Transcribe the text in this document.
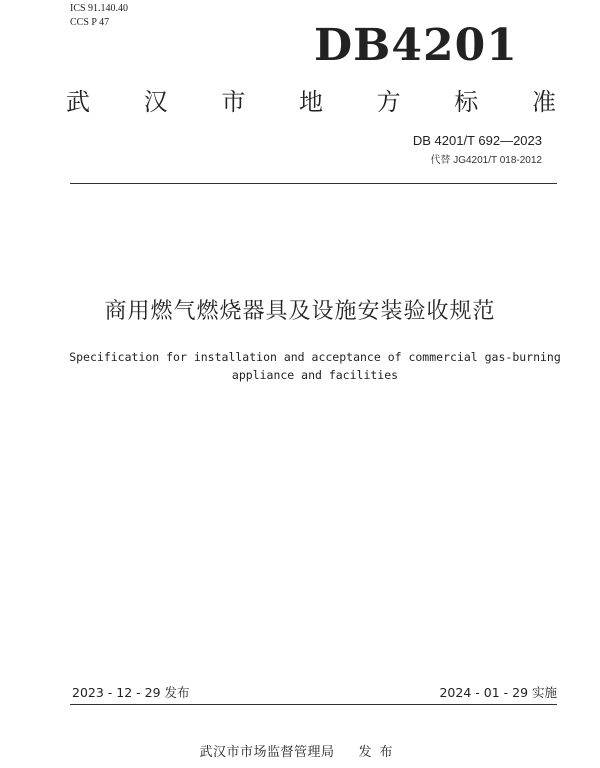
ICS 91.140.40
CCS P 47	DB4201
武 汉 市 地 方 标 准
DB 4201/T 692—2023
代替 JG4201/T 018-2012
商用燃气燃烧器具及设施安装验收规范
Specification for installation and acceptance of commercial gas-burning
appliance and facilities
2023 - 12 - 29 发布	2024 - 01 - 29 实施
武汉市市场监督管理局 发布
